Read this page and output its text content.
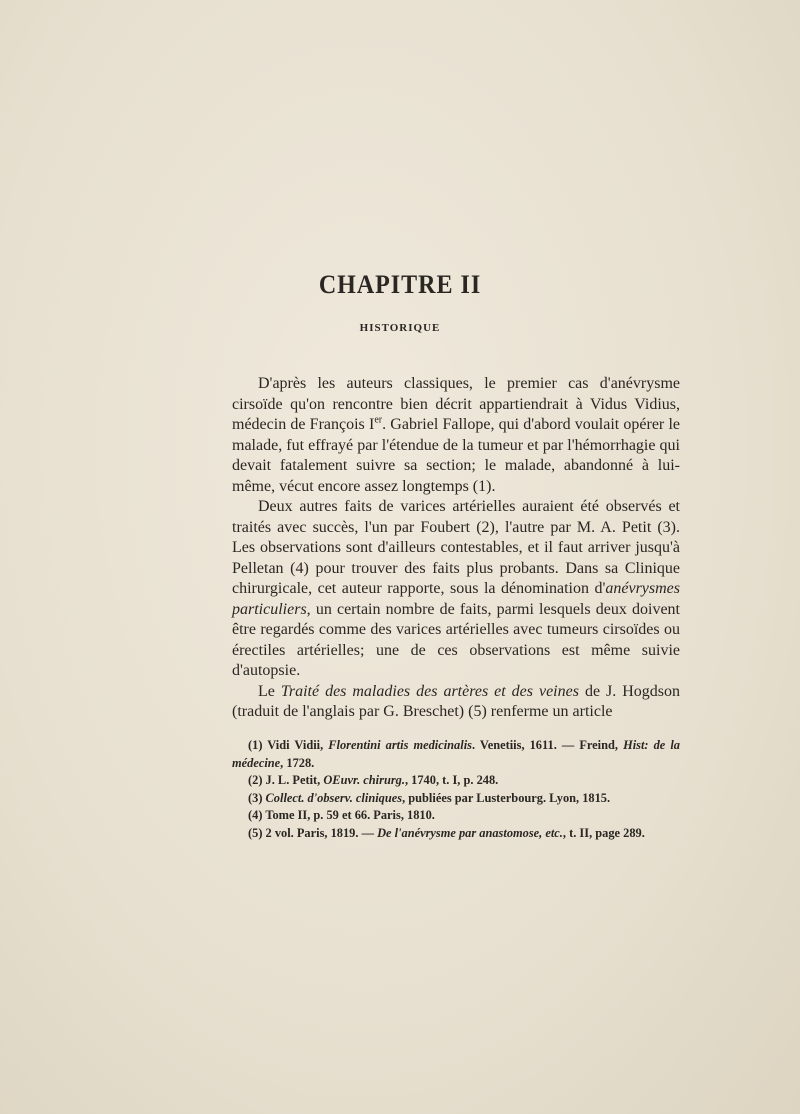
CHAPITRE II
HISTORIQUE

D'après les auteurs classiques, le premier cas d'anévrysme cirsoïde qu'on rencontre bien décrit appartiendrait à Vidus Vidius, médecin de François Ier. Gabriel Fallope, qui d'abord voulait opérer le malade, fut effrayé par l'étendue de la tumeur et par l'hémorrhagie qui devait fatalement suivre sa section; le malade, abandonné à lui-même, vécut encore assez longtemps (1).

Deux autres faits de varices artérielles auraient été observés et traités avec succès, l'un par Foubert (2), l'autre par M. A. Petit (3). Les observations sont d'ailleurs contestables, et il faut arriver jusqu'à Pelletan (4) pour trouver des faits plus probants. Dans sa Clinique chirurgicale, cet auteur rapporte, sous la dénomination d'anévrysmes particuliers, un certain nombre de faits, parmi lesquels deux doivent être regardés comme des varices artérielles avec tumeurs cirsoïdes ou érectiles artérielles; une de ces observations est même suivie d'autopsie.

Le Traité des maladies des artères et des veines de J. Hogdson (traduit de l'anglais par G. Breschet) (5) renferme un article

(1) Vidi Vidii, Florentini artis medicinalis. Venetiis, 1611. — Freind, Hist: de la médecine, 1728.

(2) J. L. Petit, OEuvr. chirurg., 1740, t. I, p. 248.

(3) Collect. d'observ. cliniques, publiées par Lusterbourg. Lyon, 1815.

(4) Tome II, p. 59 et 66. Paris, 1810.

(5) 2 vol. Paris, 1819. — De l'anévrysme par anastomose, etc., t. II, page 289.
